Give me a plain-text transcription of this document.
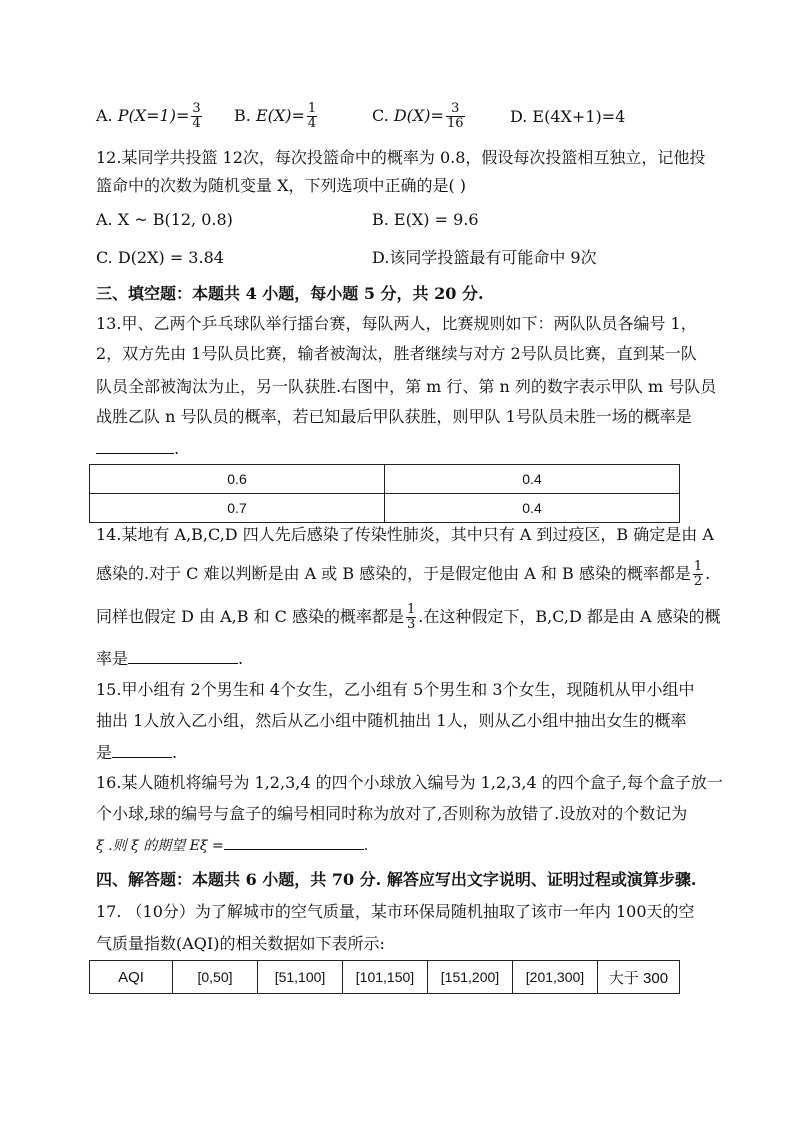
A. $P(X=1)= \frac{3}{4} B$. $E(X)= \frac{1}{4}$	C. $D(X)= \frac{3}{16}$	D. E(4X+1)=4
12.某同学共投篮 12次，每次投篮命中的概率为 0.8，假设每次投篮相互独立，记他投
篮命中的次数为随机变量 X，下列选项中正确的是( )
A. X ~ B(12, 0.8)	B. E(X) = 9.6
C. D(2X) = 3.84	D.该同学投篮最有可能命中 9次
三、填空题：本题共 4 小题，每小题 5 分，共 20 分.
13.甲、乙两个乒乓球队举行擂台赛，每队两人，比赛规则如下：两队队员各编号 1，
2，双方先由 1号队员比赛，输者被淘汰，胜者继续与对方 2号队员比赛，直到某一队
队员全部被淘汰为止，另一队获胜.右图中，第 m 行、第 n 列的数字表示甲队 m 号队员
战胜乙队 n 号队员的概率，若已知最后甲队获胜，则甲队 1号队员未胜一场的概率是
.
0.6	0.4
0.7	0.4
14.某地有 A,B,C,D 四人先后感染了传染性肺炎，其中只有 A 到过疫区，B 确定是由 A
感染的.对于 C 难以判断是由 A 或 B 感染的，于是假定他由 A 和 B 感染的概率都是 $\frac{1}{2}$ .
同样也假定 D 由 A,B 和 C 感染的概率都是 $\frac{1}{3}$ .在这种假定下，B,C,D 都是由 A 感染的概
率是	.
15.甲小组有 2个男生和 4个女生，乙小组有 5个男生和 3个女生，现随机从甲小组中
抽出 1人放入乙小组，然后从乙小组中随机抽出 1人，则从乙小组中抽出女生的概率
是	.
16.某人随机将编号为 1,2,3,4 的四个小球放入编号为 1,2,3,4 的四个盒子,每个盒子放一
个小球,球的编号与盒子的编号相同时称为放对了,否则称为放错了.设放对的个数记为
ξ .则 ξ 的期望 Eξ =	.
四、解答题：本题共 6 小题，共 70 分. 解答应写出文字说明、证明过程或演算步骤.
17. （10分）为了解城市的空气质量，某市环保局随机抽取了该市一年内 100天的空
气质量指数(AQI)的相关数据如下表所示:
AQI	[0,50]	[51,100]	[101,150]	[151,200]	[201,300]	大于 300
